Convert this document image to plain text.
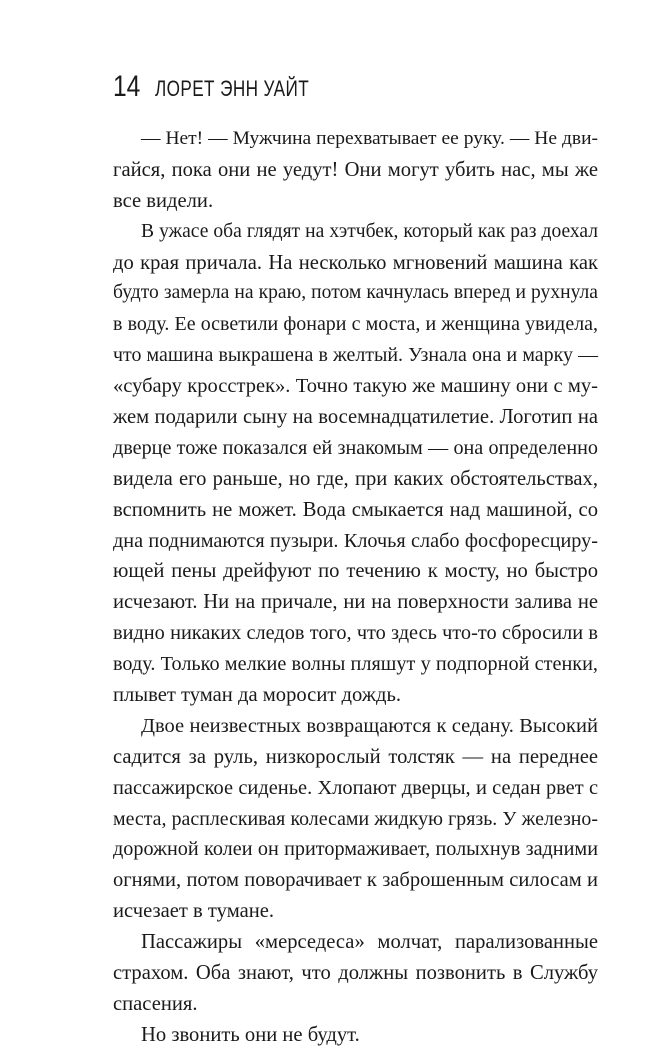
14 ЛОРЕТ ЭНН УАЙТ
— Нет! — Мужчина перехватывает ее руку. — Не дви-
гайся, пока они не уедут! Они могут убить нас, мы же
все видели.
В ужасе оба глядят на хэтчбек, который как раз доехал
до края причала. На несколько мгновений машина как
будто замерла на краю, потом качнулась вперед и рухнула
в воду. Ее осветили фонари с моста, и женщина увидела,
что машина выкрашена в желтый. Узнала она и марку —
«субару кросстрек». Точно такую же машину они с му-
жем подарили сыну на восемнадцатилетие. Логотип на
дверце тоже показался ей знакомым — она определенно
видела его раньше, но где, при каких обстоятельствах,
вспомнить не может. Вода смыкается над машиной, со
дна поднимаются пузыри. Клочья слабо фосфоресциру-
ющей пены дрейфуют по течению к мосту, но быстро
исчезают. Ни на причале, ни на поверхности залива не
видно никаких следов того, что здесь что-то сбросили в
воду. Только мелкие волны пляшут у подпорной стенки,
плывет туман да моросит дождь.
Двое неизвестных возвращаются к седану. Высокий
садится за руль, низкорослый толстяк — на переднее
пассажирское сиденье. Хлопают дверцы, и седан рвет с
места, расплескивая колесами жидкую грязь. У железно-
дорожной колеи он притормаживает, полыхнув задними
огнями, потом поворачивает к заброшенным силосам и
исчезает в тумане.
Пассажиры «мерседеса» молчат, парализованные
страхом. Оба знают, что должны позвонить в Службу
спасения.
Но звонить они не будут.
